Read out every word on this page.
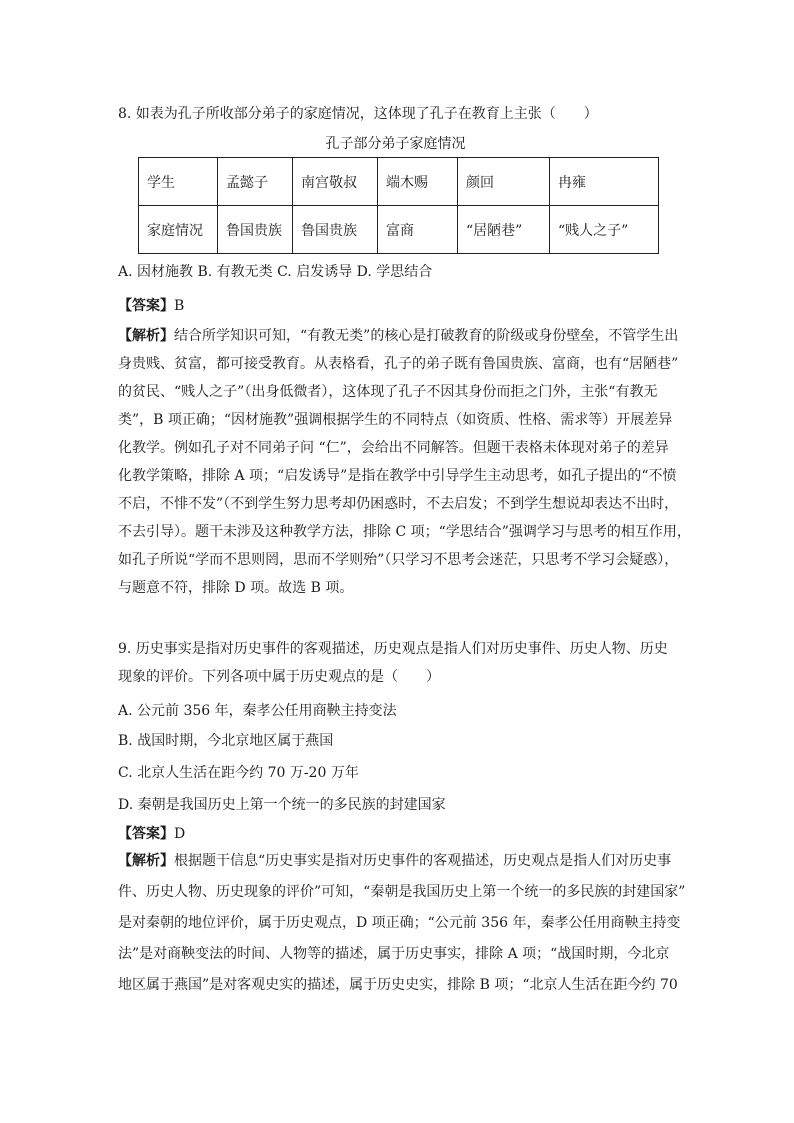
8. 如表为孔子所收部分弟子的家庭情况，这体现了孔子在教育上主张（　　）
孔子部分弟子家庭情况
学生	孟懿子	南宫敬叔	端木赐	颜回	冉雍
家庭情况	鲁国贵族	鲁国贵族	富商	“居陋巷”	“贱人之子”
A. 因材施教 B. 有教无类 C. 启发诱导 D. 学思结合
【答案】B
【解析】结合所学知识可知，“有教无类”的核心是打破教育的阶级或身份壁垒，不管学生出
身贵贱、贫富，都可接受教育。从表格看，孔子的弟子既有鲁国贵族、富商，也有“居陋巷”
的贫民、“贱人之子”（出身低微者），这体现了孔子不因其身份而拒之门外，主张“有教无
类”，B 项正确；“因材施教”强调根据学生的不同特点（如资质、性格、需求等）开展差异
化教学。例如孔子对不同弟子问 “仁”，会给出不同解答。但题干表格未体现对弟子的差异
化教学策略，排除 A 项；“启发诱导”是指在教学中引导学生主动思考，如孔子提出的“不愤
不启，不悱不发”（不到学生努力思考却仍困惑时，不去启发；不到学生想说却表达不出时，
不去引导）。题干未涉及这种教学方法，排除 C 项；“学思结合”强调学习与思考的相互作用，
如孔子所说“学而不思则罔，思而不学则殆”（只学习不思考会迷茫，只思考不学习会疑惑），
与题意不符，排除 D 项。故选 B 项。
9. 历史事实是指对历史事件的客观描述，历史观点是指人们对历史事件、历史人物、历史
现象的评价。下列各项中属于历史观点的是（　　）
A. 公元前 356 年，秦孝公任用商鞅主持变法
B. 战国时期，今北京地区属于燕国
C. 北京人生活在距今约 70 万-20 万年
D. 秦朝是我国历史上第一个统一的多民族的封建国家
【答案】D
【解析】根据题干信息“历史事实是指对历史事件的客观描述，历史观点是指人们对历史事
件、历史人物、历史现象的评价”可知，“秦朝是我国历史上第一个统一的多民族的封建国家”
是对秦朝的地位评价，属于历史观点，D 项正确；“公元前 356 年，秦孝公任用商鞅主持变
法”是对商鞅变法的时间、人物等的描述，属于历史事实，排除 A 项；“战国时期，今北京
地区属于燕国”是对客观史实的描述，属于历史史实，排除 B 项；“北京人生活在距今约 70
